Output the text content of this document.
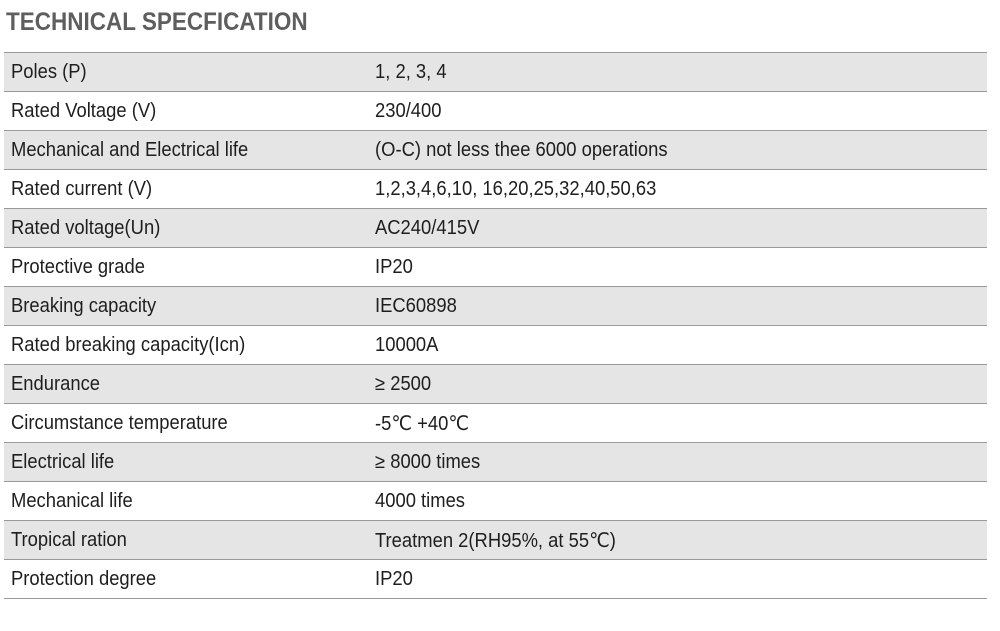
TECHNICAL SPECFICATION
Poles (P)	1, 2, 3, 4
Rated Voltage (V)	230/400
Mechanical and Electrical life	(O-C) not less thee 6000 operations
Rated current (V)	1,2,3,4,6,10, 16,20,25,32,40,50,63
Rated voltage(Un)	AC240/415V
Protective grade	IP20
Breaking capacity	IEC60898
Rated breaking capacity(Icn)	10000A
Endurance	≥ 2500
Circumstance temperature	-5℃ +40℃
Electrical life	≥ 8000 times
Mechanical life	4000 times
Tropical ration	Treatmen 2(RH95%, at 55℃)
Protection degree	IP20
